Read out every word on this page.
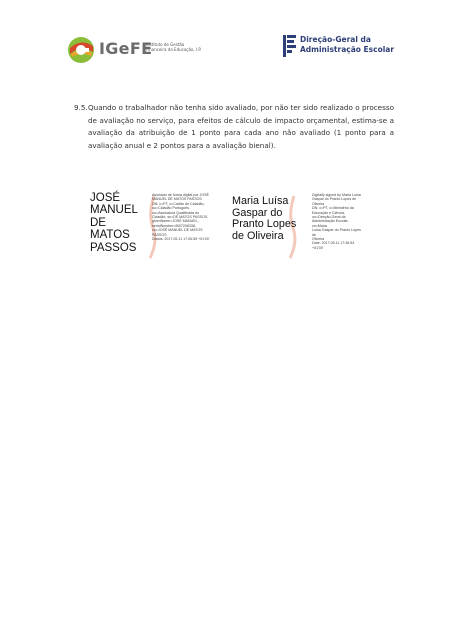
IGeFE
Instituto de Gestão
Financeira da Educação, I.P.
Direção-Geral da
Administração Escolar
9.5. Quando o trabalhador não tenha sido avaliado, por não ter sido realizado o processo
de avaliação no serviço, para efeitos de cálculo de impacto orçamental, estima-se a
avaliação da atribuição de 1 ponto para cada ano não avaliado (1 ponto para a
avaliação anual e 2 pontos para a avaliação bienal).
JOSÉ
MANUEL DE
MATOS
PASSOS
Assinado de forma digital por JOSÉ
MANUEL DE MATOS PASSOS
DN: c=PT, o=Cartão de Cidadão,
ou=Cidadão Português,
ou=Assinatura Qualificada do
Cidadão, sn=DE MATOS PASSOS,
givenName=JOSÉ MANUEL,
serialNumber=BI07298338,
cn=JOSÉ MANUEL DE MATOS
PASSOS
Dados: 2017.05.11 17:06:55 +01'00'
Maria Luísa
Gaspar do
Pranto Lopes
de Oliveira
Digitally signed by Maria Luísa
Gaspar do Pranto Lopes de
Oliveira
DN: c=PT, o=Ministério da
Educação e Ciência,
ou=Direção-Geral da
Administração Escolar, cn=Maria
Luísa Gaspar do Pranto Lopes de
Oliveira
Date: 2017.05.11 17:36:53
+01'00'
